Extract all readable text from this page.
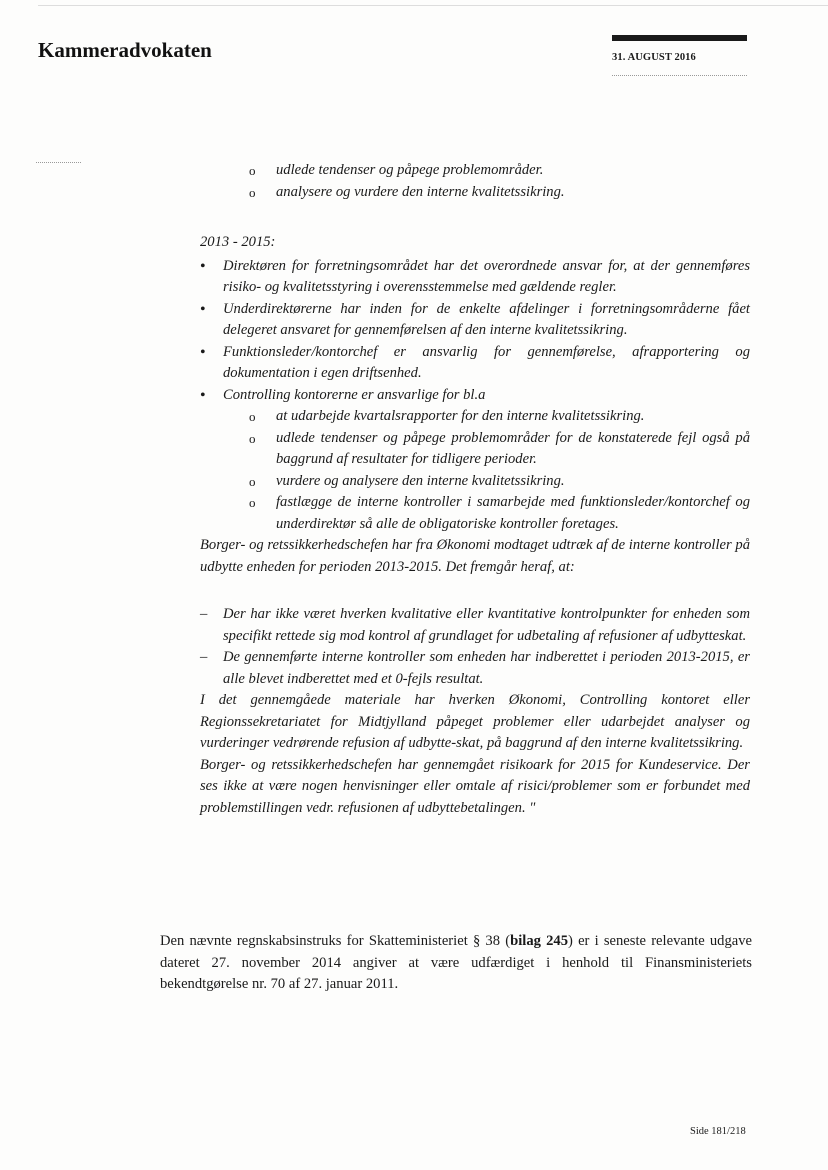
Kammeradvokaten	31. AUGUST 2016
o udlede tendenser og påpege problemområder.
o analysere og vurdere den interne kvalitetssikring.
2013 - 2015:
• Direktøren for forretningsområdet har det overordnede ansvar for, at der gennemføres risiko- og kvalitetsstyring i overensstemmelse med gældende regler.
• Underdirektørerne har inden for de enkelte afdelinger i forretningsområderne fået delegeret ansvaret for gennemførelsen af den interne kvalitetssikring.
• Funktionsleder/kontorchef er ansvarlig for gennemførelse, afrapportering og dokumentation i egen driftsenhed.
• Controlling kontorerne er ansvarlige for bl.a
o at udarbejde kvartalsrapporter for den interne kvalitetssikring.
o udlede tendenser og påpege problemområder for de konstaterede fejl også på baggrund af resultater for tidligere perioder.
o vurdere og analysere den interne kvalitetssikring.
o fastlægge de interne kontroller i samarbejde med funktionsleder/kontorchef og underdirektør så alle de obligatoriske kontroller foretages.

Borger- og retssikkerhedschefen har fra Økonomi modtaget udtræk af de interne kontroller på udbytte enheden for perioden 2013-2015. Det fremgår heraf, at:

– Der har ikke været hverken kvalitative eller kvantitative kontrolpunkter for enheden som specifikt rettede sig mod kontrol af grundlaget for udbetaling af refusioner af udbytteskat.
– De gennemførte interne kontroller som enheden har indberettet i perioden 2013-2015, er alle blevet indberettet med et 0-fejls resultat.

I det gennemgåede materiale har hverken Økonomi, Controlling kontoret eller Regionssekretariatet for Midtjylland påpeget problemer eller udarbejdet analyser og vurderinger vedrørende refusion af udbytte-skat, på baggrund af den interne kvalitetssikring.

Borger- og retssikkerhedschefen har gennemgået risikoark for 2015 for Kundeservice. Der ses ikke at være nogen henvisninger eller omtale af risici/problemer som er forbundet med problemstillingen vedr. refusionen af udbyttebetalingen. "

Den nævnte regnskabsinstruks for Skatteministeriet § 38 (bilag 245) er i seneste relevante udgave dateret 27. november 2014 angiver at være udfærdiget i henhold til Finansministeriets bekendtgørelse nr. 70 af 27. januar 2011.
Side 181/218
